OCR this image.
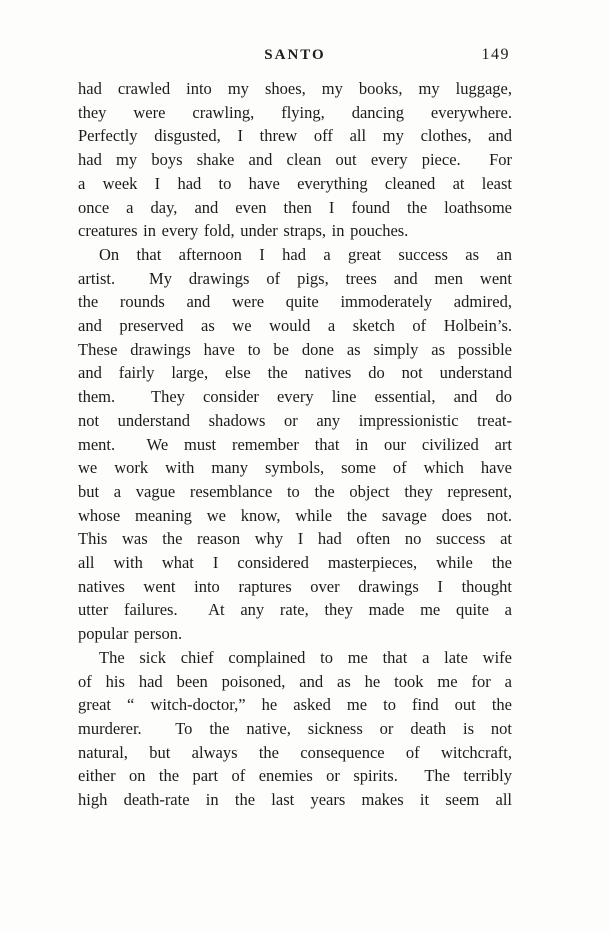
SANTO	149
had crawled into my shoes, my books, my luggage,
they were crawling, flying, dancing everywhere.
Perfectly disgusted, I threw off all my clothes, and
had my boys shake and clean out every piece.  For
a week I had to have everything cleaned at least
once a day, and even then I found the loathsome
creatures in every fold, under straps, in pouches.
On that afternoon I had a great success as an
artist.  My drawings of pigs, trees and men went
the rounds and were quite immoderately admired,
and preserved as we would a sketch of Holbein’s.
These drawings have to be done as simply as possible
and fairly large, else the natives do not understand
them.  They consider every line essential, and do
not understand shadows or any impressionistic treat-
ment.  We must remember that in our civilized art
we work with many symbols, some of which have
but a vague resemblance to the object they represent,
whose meaning we know, while the savage does not.
This was the reason why I had often no success at
all with what I considered masterpieces, while the
natives went into raptures over drawings I thought
utter failures.  At any rate, they made me quite a
popular person.
The sick chief complained to me that a late wife
of his had been poisoned, and as he took me for a
great “ witch-doctor,” he asked me to find out the
murderer.  To the native, sickness or death is not
natural, but always the consequence of witchcraft,
either on the part of enemies or spirits.  The terribly
high death-rate in the last years makes it seem all
